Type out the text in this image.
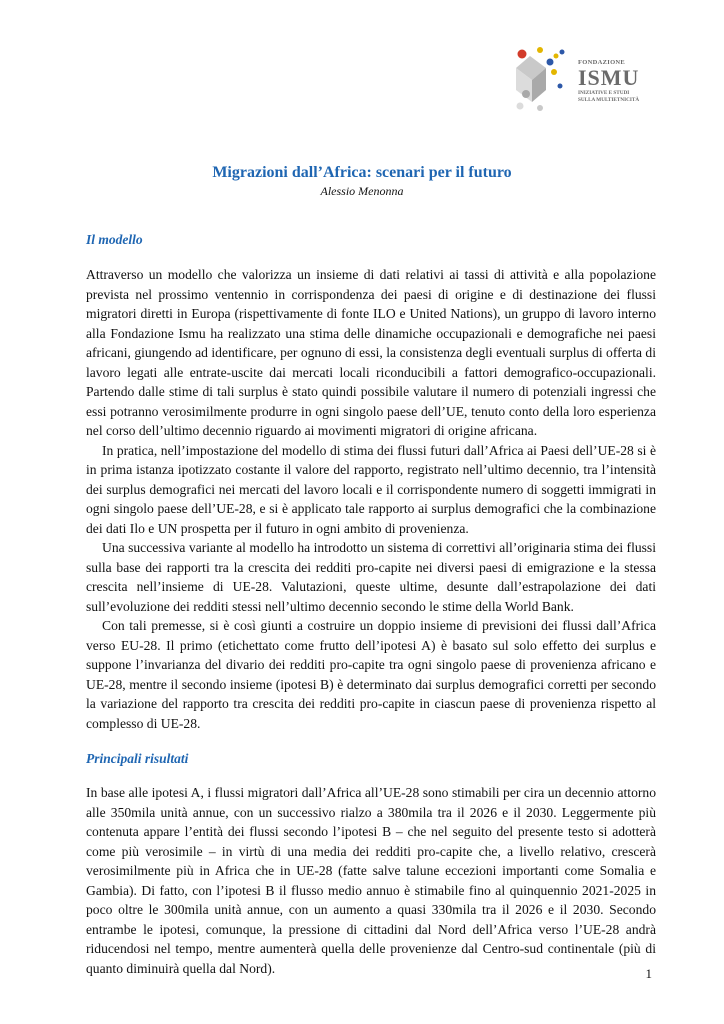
FONDAZIONE
ISMU
INIZIATIVE E STUDI
SULLA MULTIETNICITÀ
Migrazioni dall’Africa: scenari per il futuro
Alessio Menonna
Il modello

Attraverso un modello che valorizza un insieme di dati relativi ai tassi di attività e alla popolazione prevista nel prossimo ventennio in corrispondenza dei paesi di origine e di destinazione dei flussi migratori diretti in Europa (rispettivamente di fonte ILO e United Nations), un gruppo di lavoro interno alla Fondazione Ismu ha realizzato una stima delle dinamiche occupazionali e demografiche nei paesi africani, giungendo ad identificare, per ognuno di essi, la consistenza degli eventuali surplus di offerta di lavoro legati alle entrate-uscite dai mercati locali riconducibili a fattori demografico-occupazionali. Partendo dalle stime di tali surplus è stato quindi possibile valutare il numero di potenziali ingressi che essi potranno verosimilmente produrre in ogni singolo paese dell’UE, tenuto conto della loro esperienza nel corso dell’ultimo decennio riguardo ai movimenti migratori di origine africana.

In pratica, nell’impostazione del modello di stima dei flussi futuri dall’Africa ai Paesi dell’UE-28 si è in prima istanza ipotizzato costante il valore del rapporto, registrato nell’ultimo decennio, tra l’intensità dei surplus demografici nei mercati del lavoro locali e il corrispondente numero di soggetti immigrati in ogni singolo paese dell’UE-28, e si è applicato tale rapporto ai surplus demografici che la combinazione dei dati Ilo e UN prospetta per il futuro in ogni ambito di provenienza.

Una successiva variante al modello ha introdotto un sistema di correttivi all’originaria stima dei flussi sulla base dei rapporti tra la crescita dei redditi pro-capite nei diversi paesi di emigrazione e la stessa crescita nell’insieme di UE-28. Valutazioni, queste ultime, desunte dall’estrapolazione dei dati sull’evoluzione dei redditi stessi nell’ultimo decennio secondo le stime della World Bank.

Con tali premesse, si è così giunti a costruire un doppio insieme di previsioni dei flussi dall’Africa verso EU-28. Il primo (etichettato come frutto dell’ipotesi A) è basato sul solo effetto dei surplus e suppone l’invarianza del divario dei redditi pro-capite tra ogni singolo paese di provenienza africano e UE-28, mentre il secondo insieme (ipotesi B) è determinato dai surplus demografici corretti per secondo la variazione del rapporto tra crescita dei redditi pro-capite in ciascun paese di provenienza rispetto al complesso di UE-28.

Principali risultati

In base alle ipotesi A, i flussi migratori dall’Africa all’UE-28 sono stimabili per cira un decennio attorno alle 350mila unità annue, con un successivo rialzo a 380mila tra il 2026 e il 2030. Leggermente più contenuta appare l’entità dei flussi secondo l’ipotesi B – che nel seguito del presente testo si adotterà come più verosimile – in virtù di una media dei redditi pro-capite che, a livello relativo, crescerà verosimilmente più in Africa che in UE-28 (fatte salve talune eccezioni importanti come Somalia e Gambia). Di fatto, con l’ipotesi B il flusso medio annuo è stimabile fino al quinquennio 2021-2025 in poco oltre le 300mila unità annue, con un aumento a quasi 330mila tra il 2026 e il 2030. Secondo entrambe le ipotesi, comunque, la pressione di cittadini dal Nord dell’Africa verso l’UE-28 andrà riducendosi nel tempo, mentre aumenterà quella delle provenienze dal Centro-sud continentale (più di quanto diminuirà quella dal Nord).	1
